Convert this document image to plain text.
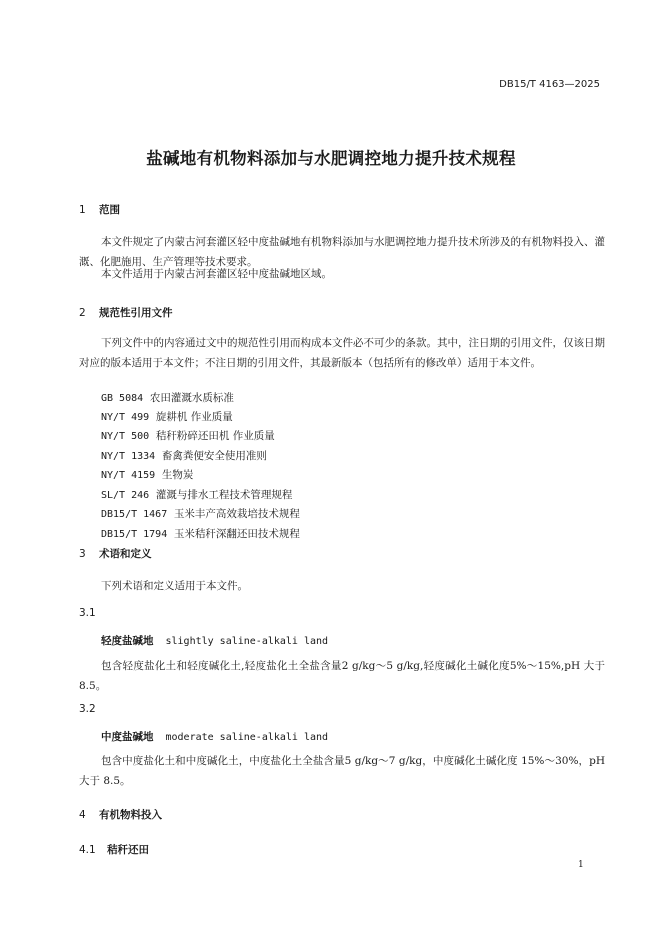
DB15/T 4163—2025
盐碱地有机物料添加与水肥调控地力提升技术规程
1 范围
本文件规定了内蒙古河套灌区轻中度盐碱地有机物料添加与水肥调控地力提升技术所涉及的有机物料投入、灌溉、化肥施用、生产管理等技术要求。
本文件适用于内蒙古河套灌区轻中度盐碱地区域。
2 规范性引用文件
下列文件中的内容通过文中的规范性引用而构成本文件必不可少的条款。其中，注日期的引用文件，仅该日期对应的版本适用于本文件；不注日期的引用文件，其最新版本（包括所有的修改单）适用于本文件。
GB 5084 农田灌溉水质标准
NY/T 499 旋耕机 作业质量
NY/T 500 秸秆粉碎还田机 作业质量
NY/T 1334 畜禽粪便安全使用准则
NY/T 4159 生物炭
SL/T 246 灌溉与排水工程技术管理规程
DB15/T 1467 玉米丰产高效栽培技术规程
DB15/T 1794 玉米秸秆深翻还田技术规程
3 术语和定义
下列术语和定义适用于本文件。
3.1
轻度盐碱地 slightly saline-alkali land
包含轻度盐化土和轻度碱化土,轻度盐化土全盐含量2 g/kg～5 g/kg,轻度碱化土碱化度5%～15%,pH 大于 8.5。
3.2
中度盐碱地 moderate saline-alkali land
包含中度盐化土和中度碱化土，中度盐化土全盐含量5 g/kg～7 g/kg，中度碱化土碱化度 15%～30%，pH 大于 8.5。
4 有机物料投入
4.1 秸秆还田
1
